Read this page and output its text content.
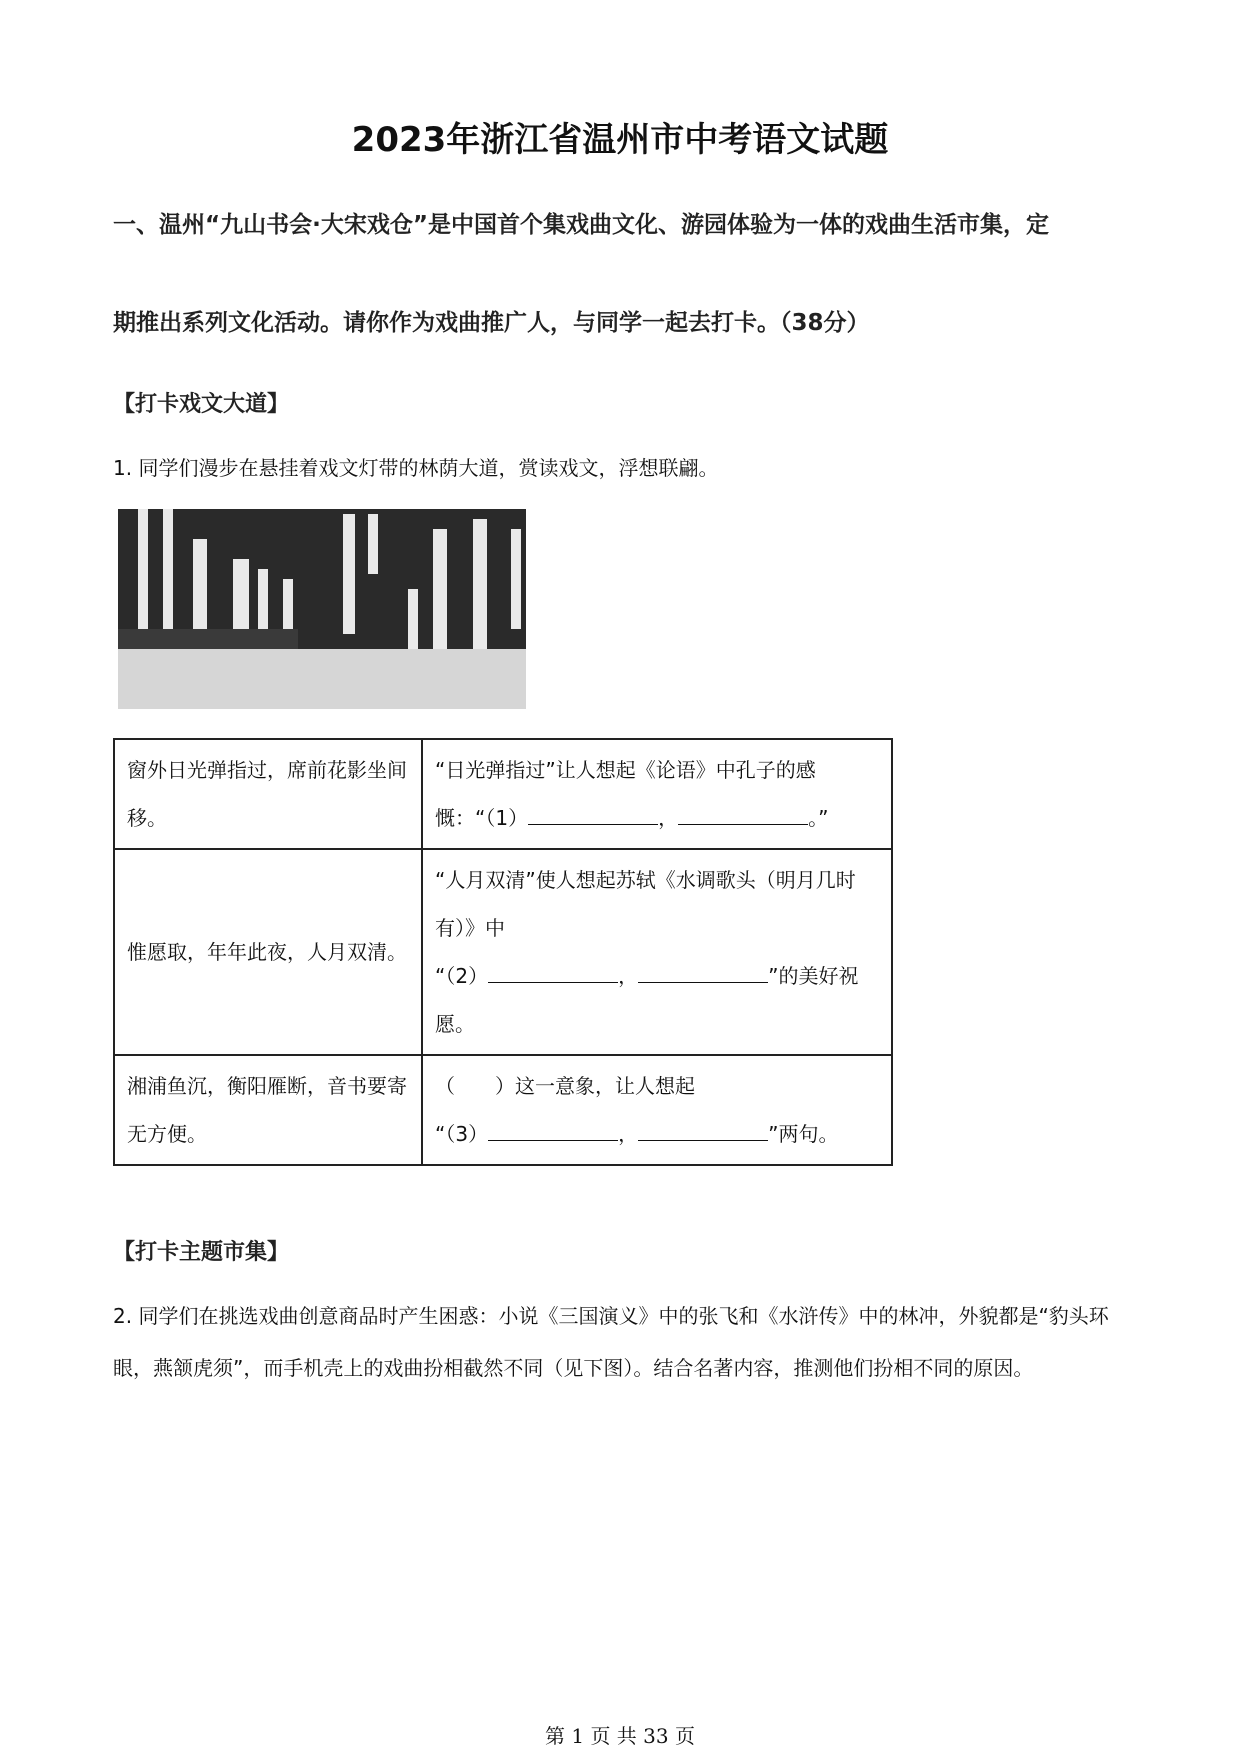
2023年浙江省温州市中考语文试题
一、温州“九山书会·大宋戏仓”是中国首个集戏曲文化、游园体验为一体的戏曲生活市集，定
期推出系列文化活动。请你作为戏曲推广人，与同学一起去打卡。（38分）
【打卡戏文大道】
1. 同学们漫步在悬挂着戏文灯带的林荫大道，赏读戏文，浮想联翩。
窗外日光弹指过，席前花影坐间移。	“日光弹指过”让人想起《论语》中孔子的感慨：“（1） ， 。”
惟愿取，年年此夜，人月双清。	“人月双清”使人想起苏轼《水调歌头（明月几时有）》中
“（2） ， ”的美好祝愿。
湘浦鱼沉，衡阳雁断，音书要寄无方便。	（　　）这一意象，让人想起
“（3） ， ”两句。
【打卡主题市集】
2. 同学们在挑选戏曲创意商品时产生困惑：小说《三国演义》中的张飞和《水浒传》中的林冲，外貌都是“豹头环眼，燕颔虎须”，而手机壳上的戏曲扮相截然不同（见下图）。结合名著内容，推测他们扮相不同的原因。
第 1 页 共 33 页
